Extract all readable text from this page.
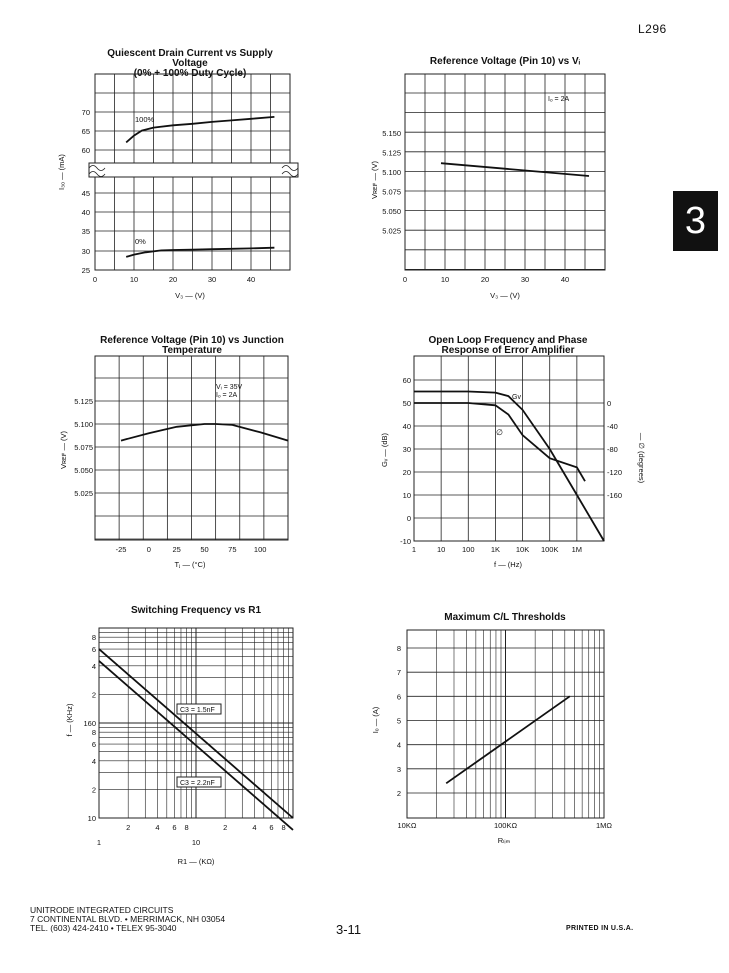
L296
3
Quiescent Drain Current vs Supply Voltage
(0% + 100% Duty Cycle)
Reference Voltage (Pin 10) vs Vᵢ
Reference Voltage (Pin 10) vs Junction
Temperature
Open Loop Frequency and Phase
Response of Error Amplifier
Switching Frequency vs R1
Maximum C/L Thresholds
70
65
60
45
40
35
30
25
0	10	20	30	40
V₃ — (V)
I₃ₒ — (mA)
100%
0%
5.150
5.125
5.100
5.075
5.050
5.025
0	10	20	30	40
V₃ — (V)
Vʀᴇꜰ — (V)
Iₒ = 2A
5.125
5.100
5.075
5.050
5.025
-25	0	25	50	75 100
Tⱼ — (°C)
Vʀᴇꜰ — (V)
Vᵢ = 35V
Iₒ = 2A
60
50
40
30
20
10
0
-10
0
-40
-80
-120
-160
1	10 100 1K 10K 100K 1M
f — (Hz)
Gᵥ — (dB)	— ∅ (degrees)
Gv
∅
8
6
4
2
160
8
6
4
2
10
2	4 6 8	2	4 6 8
1	10
R1 — (KΩ)
f — (KHz)	C3 = 1.5nF
C3 = 2.2nF
8
7
6
5
4
3
2
10KΩ	100KΩ	1MΩ
Rₗᵢₘ
Iₒ — (A)
UNITRODE INTEGRATED CIRCUITS
7 CONTINENTAL BLVD. • MERRIMACK, NH 03054
TEL. (603) 424-2410 • TELEX 95-3040	3-11	PRINTED IN U.S.A.
